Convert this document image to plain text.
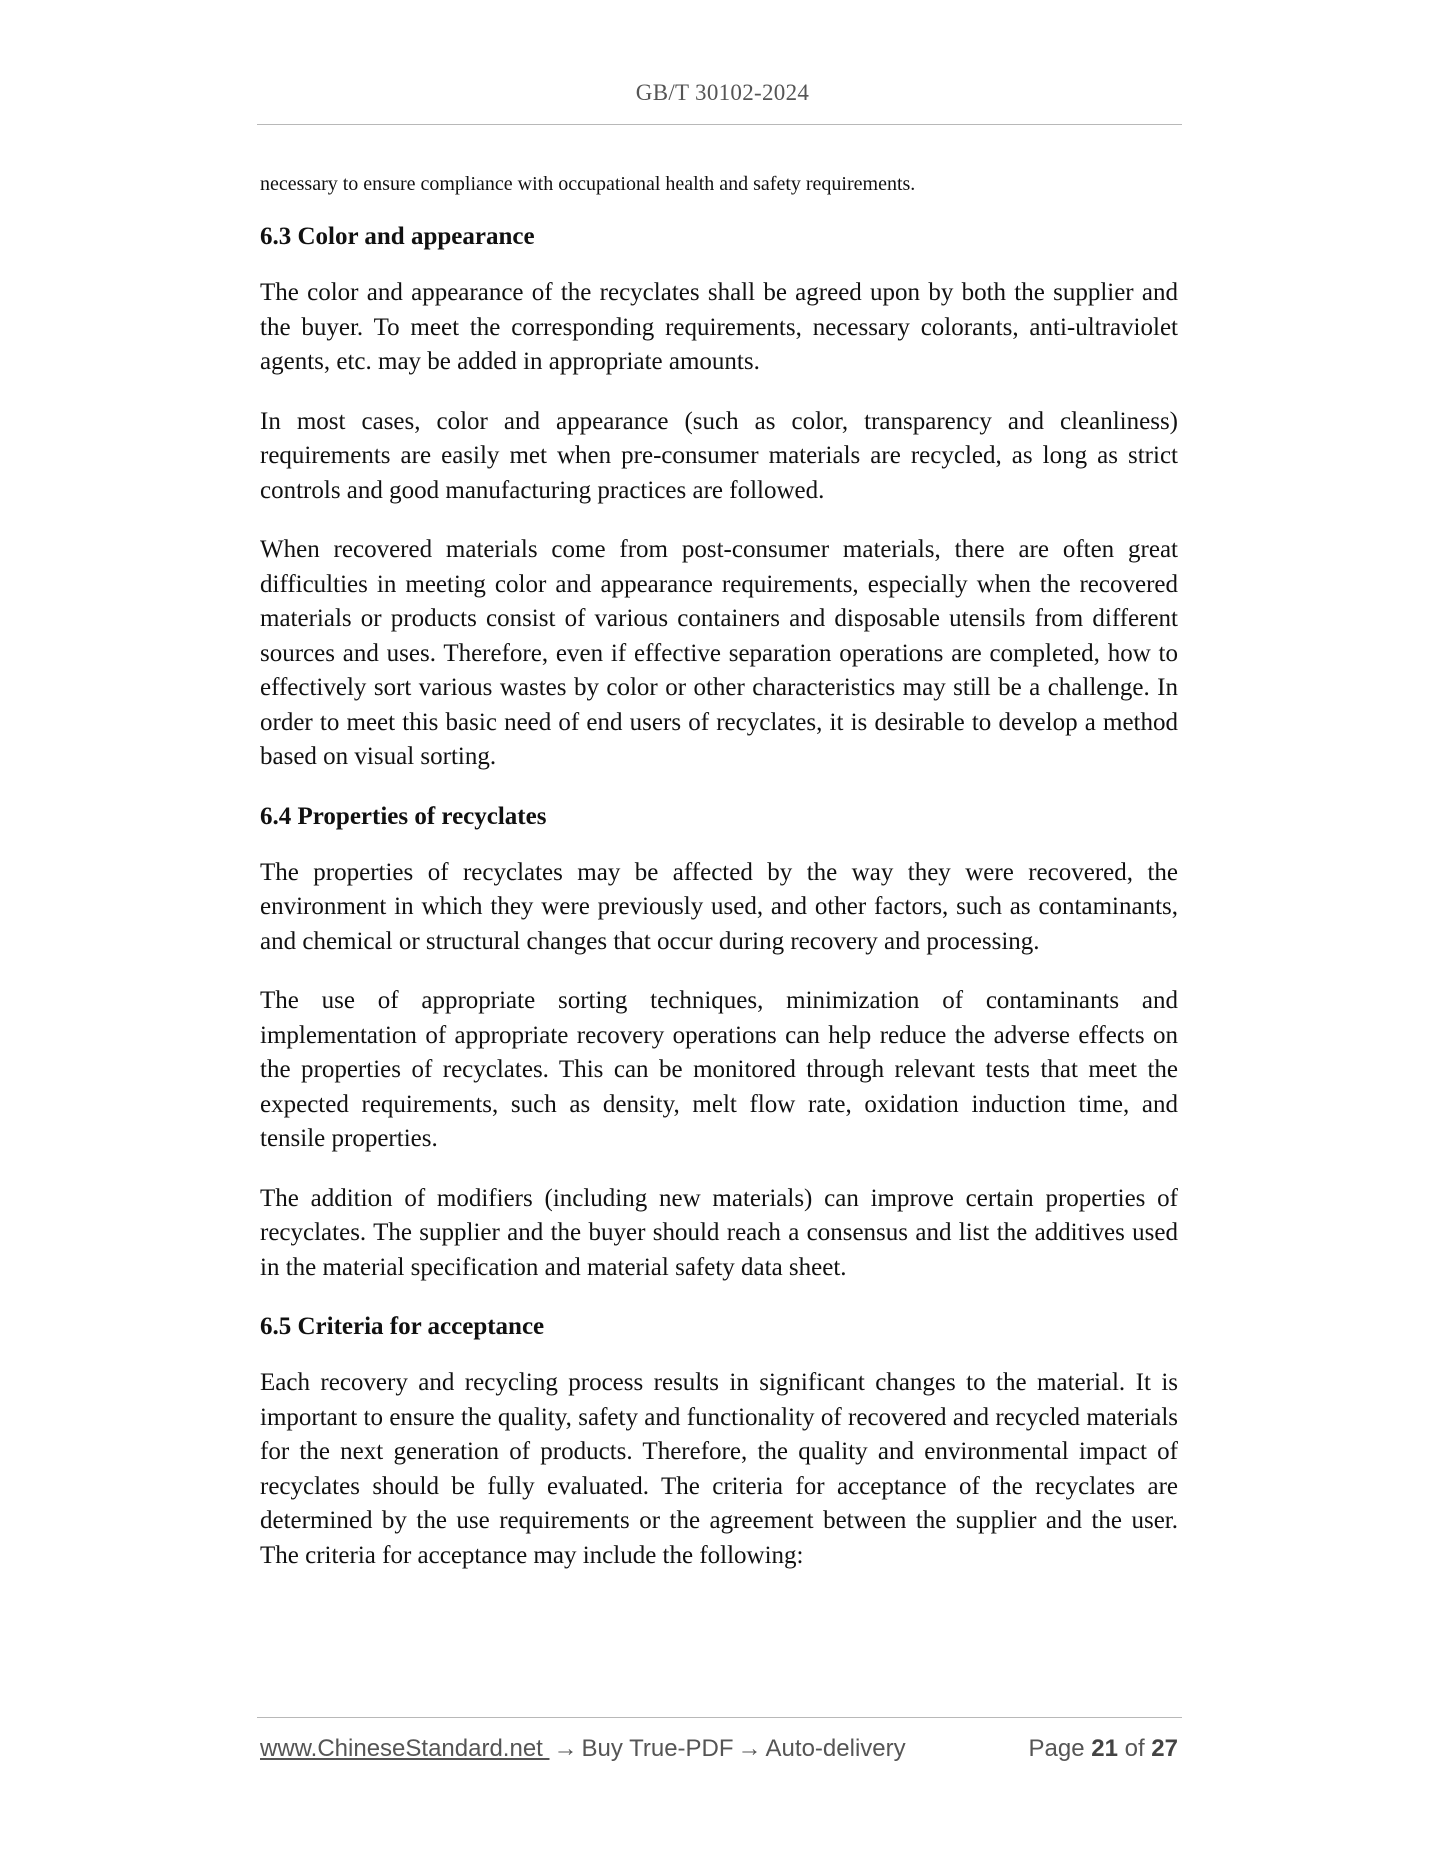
GB/T 30102-2024
necessary to ensure compliance with occupational health and safety requirements.
6.3 Color and appearance

The color and appearance of the recyclates shall be agreed upon by both the supplier and the buyer. To meet the corresponding requirements, necessary colorants, anti-ultraviolet agents, etc. may be added in appropriate amounts.

In most cases, color and appearance (such as color, transparency and cleanliness) requirements are easily met when pre-consumer materials are recycled, as long as strict controls and good manufacturing practices are followed.

When recovered materials come from post-consumer materials, there are often great difficulties in meeting color and appearance requirements, especially when the recovered materials or products consist of various containers and disposable utensils from different sources and uses. Therefore, even if effective separation operations are completed, how to effectively sort various wastes by color or other characteristics may still be a challenge. In order to meet this basic need of end users of recyclates, it is desirable to develop a method based on visual sorting.

6.4 Properties of recyclates

The properties of recyclates may be affected by the way they were recovered, the environment in which they were previously used, and other factors, such as contaminants, and chemical or structural changes that occur during recovery and processing.

The use of appropriate sorting techniques, minimization of contaminants and implementation of appropriate recovery operations can help reduce the adverse effects on the properties of recyclates. This can be monitored through relevant tests that meet the expected requirements, such as density, melt flow rate, oxidation induction time, and tensile properties.

The addition of modifiers (including new materials) can improve certain properties of recyclates. The supplier and the buyer should reach a consensus and list the additives used in the material specification and material safety data sheet.

6.5 Criteria for acceptance

Each recovery and recycling process results in significant changes to the material. It is important to ensure the quality, safety and functionality of recovered and recycled materials for the next generation of products. Therefore, the quality and environmental impact of recyclates should be fully evaluated. The criteria for acceptance of the recyclates are determined by the use requirements or the agreement between the supplier and the user. The criteria for acceptance may include the following:

www.ChineseStandard.net → Buy True-PDF → Auto-delivery	Page 21 of 27
